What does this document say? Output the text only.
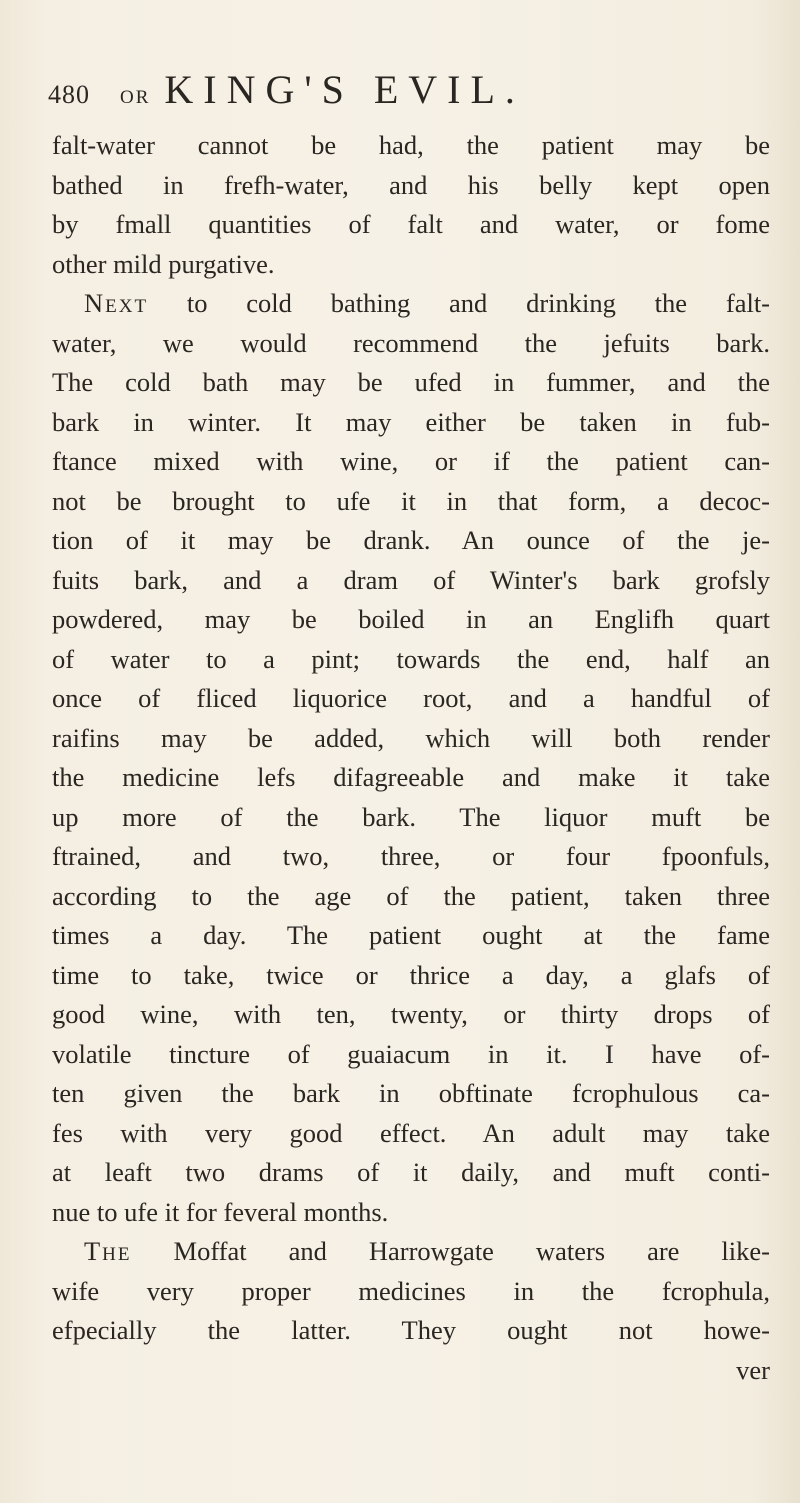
480	OR KING'S EVIL.
falt-water cannot be had, the patient may be
bathed in frefh-water, and his belly kept open
by fmall quantities of falt and water, or fome
other mild purgative.
Next to cold bathing and drinking the falt-
water, we would recommend the jefuits bark.
The cold bath may be ufed in fummer, and the
bark in winter. It may either be taken in fub-
ftance mixed with wine, or if the patient can-
not be brought to ufe it in that form, a decoc-
tion of it may be drank. An ounce of the je-
fuits bark, and a dram of Winter's bark grofsly
powdered, may be boiled in an Englifh quart
of water to a pint; towards the end, half an
once of fliced liquorice root, and a handful of
raifins may be added, which will both render
the medicine lefs difagreeable and make it take
up more of the bark. The liquor muft be
ftrained, and two, three, or four fpoonfuls,
according to the age of the patient, taken three
times a day. The patient ought at the fame
time to take, twice or thrice a day, a glafs of
good wine, with ten, twenty, or thirty drops of
volatile tincture of guaiacum in it. I have of-
ten given the bark in obftinate fcrophulous ca-
fes with very good effect. An adult may take
at leaft two drams of it daily, and muft conti-
nue to ufe it for feveral months.
The Moffat and Harrowgate waters are like-
wife very proper medicines in the fcrophula,
efpecially the latter. They ought not howe-
ver
